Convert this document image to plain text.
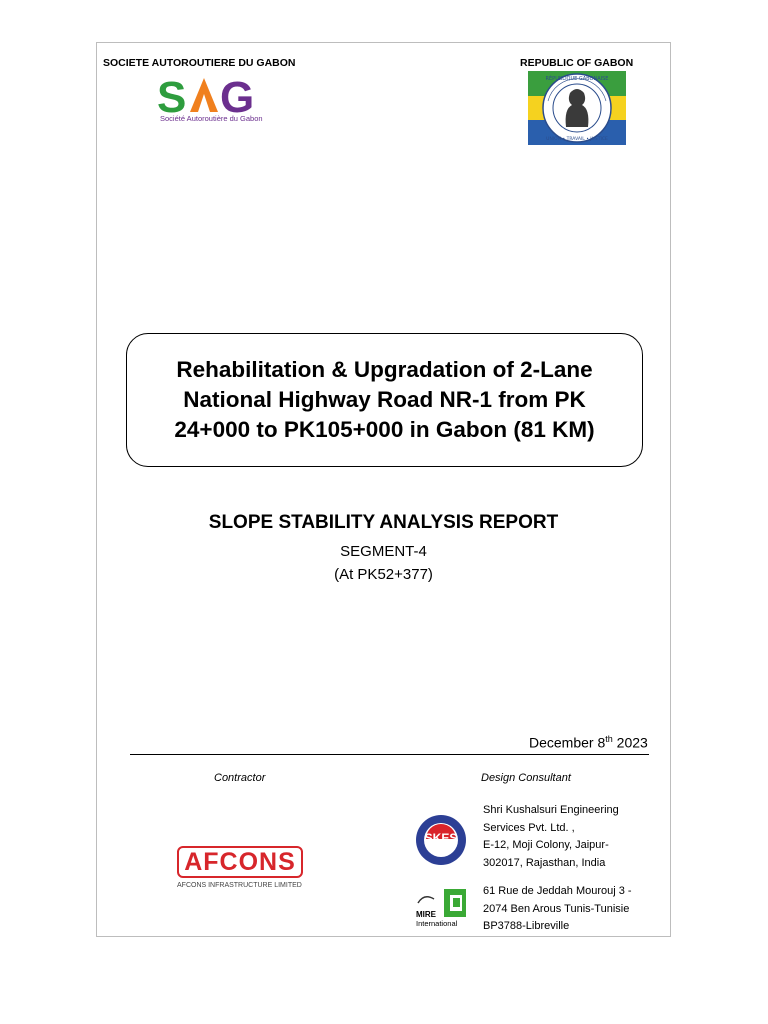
SOCIETE AUTOROUTIERE DU GABON	REPUBLIC OF GABON
S G
Société Autoroutière du Gabon
RÉPUBLIQUE GABONAISE
UNION • TRAVAIL • JUSTICE
Rehabilitation & Upgradation of 2-Lane
National Highway Road NR-1 from PK
24+000 to PK105+000 in Gabon (81 KM)
SLOPE STABILITY ANALYSIS REPORT
SEGMENT-4
(At PK52+377)
December 8th 2023
Contractor	Design Consultant
AFCONS
AFCONS INFRASTRUCTURE LIMITED
SKES
Shri Kushalsuri Engineering
Services Pvt. Ltd. ,
E-12, Moji Colony, Jaipur-
302017, Rajasthan, India
MIRE
International
61 Rue de Jeddah Mourouj 3 -
2074 Ben Arous Tunis-Tunisie
BP3788-Libreville
